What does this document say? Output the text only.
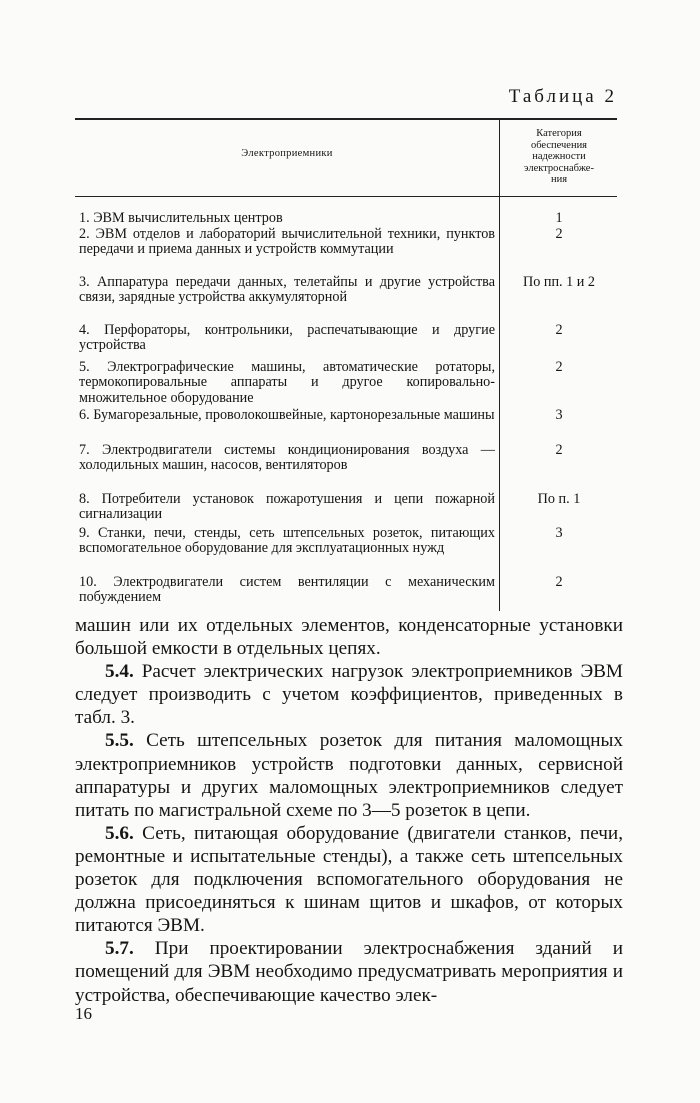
Таблица 2
Электроприемники
Категория
обеспечения
надежности
электроснабже-
ния
1. ЭВМ вычислительных центров	1
2. ЭВМ отделов и лабораторий вычислительной техники, пунктов передачи и приема данных и устройств коммутации
2
3. Аппаратура передачи данных, телетайпы и другие устройства связи, зарядные устройства аккумуляторной
По пп. 1 и 2
4. Перфораторы, контрольники, распечатывающие и другие устройства
2
5. Электрографические машины, автоматические ротаторы, термокопировальные аппараты и другое копировально-множительное оборудование
2
6. Бумагорезальные, проволокошвейные, картонорезальные машины	3
7. Электродвигатели системы кондиционирования воздуха — холодильных машин, насосов, вентиляторов
2
8. Потребители установок пожаротушения и цепи пожарной сигнализации
По п. 1
9. Станки, печи, стенды, сеть штепсельных розеток, питающих вспомогательное оборудование для эксплуатационных нужд
3
10. Электродвигатели систем вентиляции с механическим побуждением
2

машин или их отдельных элементов, конденсаторные установки большой емкости в отдельных цепях.

5.4. Расчет электрических нагрузок электроприемников ЭВМ следует производить с учетом коэффициентов, приведенных в табл. 3.

5.5. Сеть штепсельных розеток для питания маломощных электроприемников устройств подготовки данных, сервисной аппаратуры и других маломощных электроприемников следует питать по магистральной схеме по 3—5 розеток в цепи.

5.6. Сеть, питающая оборудование (двигатели станков, печи, ремонтные и испытательные стенды), а также сеть штепсельных розеток для подключения вспомогательного оборудования не должна присоединяться к шинам щитов и шкафов, от которых питаются ЭВМ.

5.7. При проектировании электроснабжения зданий и помещений для ЭВМ необходимо предусматривать мероприятия и устройства, обеспечивающие качество элек-

16
